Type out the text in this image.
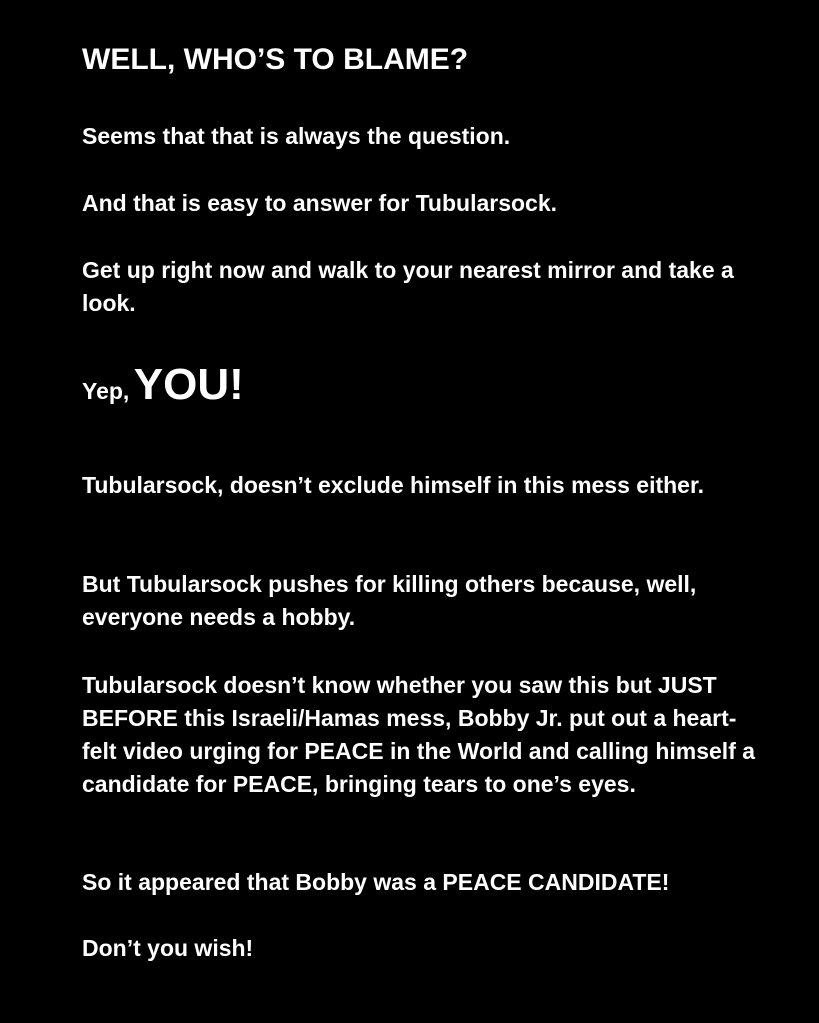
WELL, WHO’S TO BLAME?
Seems that that is always the question.
And that is easy to answer for Tubularsock.
Get up right now and walk to your nearest mirror and take a look.
Yep, YOU!
Tubularsock, doesn’t exclude himself in this mess either.
But Tubularsock pushes for killing others because, well, everyone needs a hobby.
Tubularsock doesn’t know whether you saw this but JUST BEFORE this Israeli/Hamas mess, Bobby Jr. put out a heart-felt video urging for PEACE in the World and calling himself a candidate for PEACE, bringing tears to one’s eyes.
So it appeared that Bobby was a PEACE CANDIDATE!
Don’t you wish!
